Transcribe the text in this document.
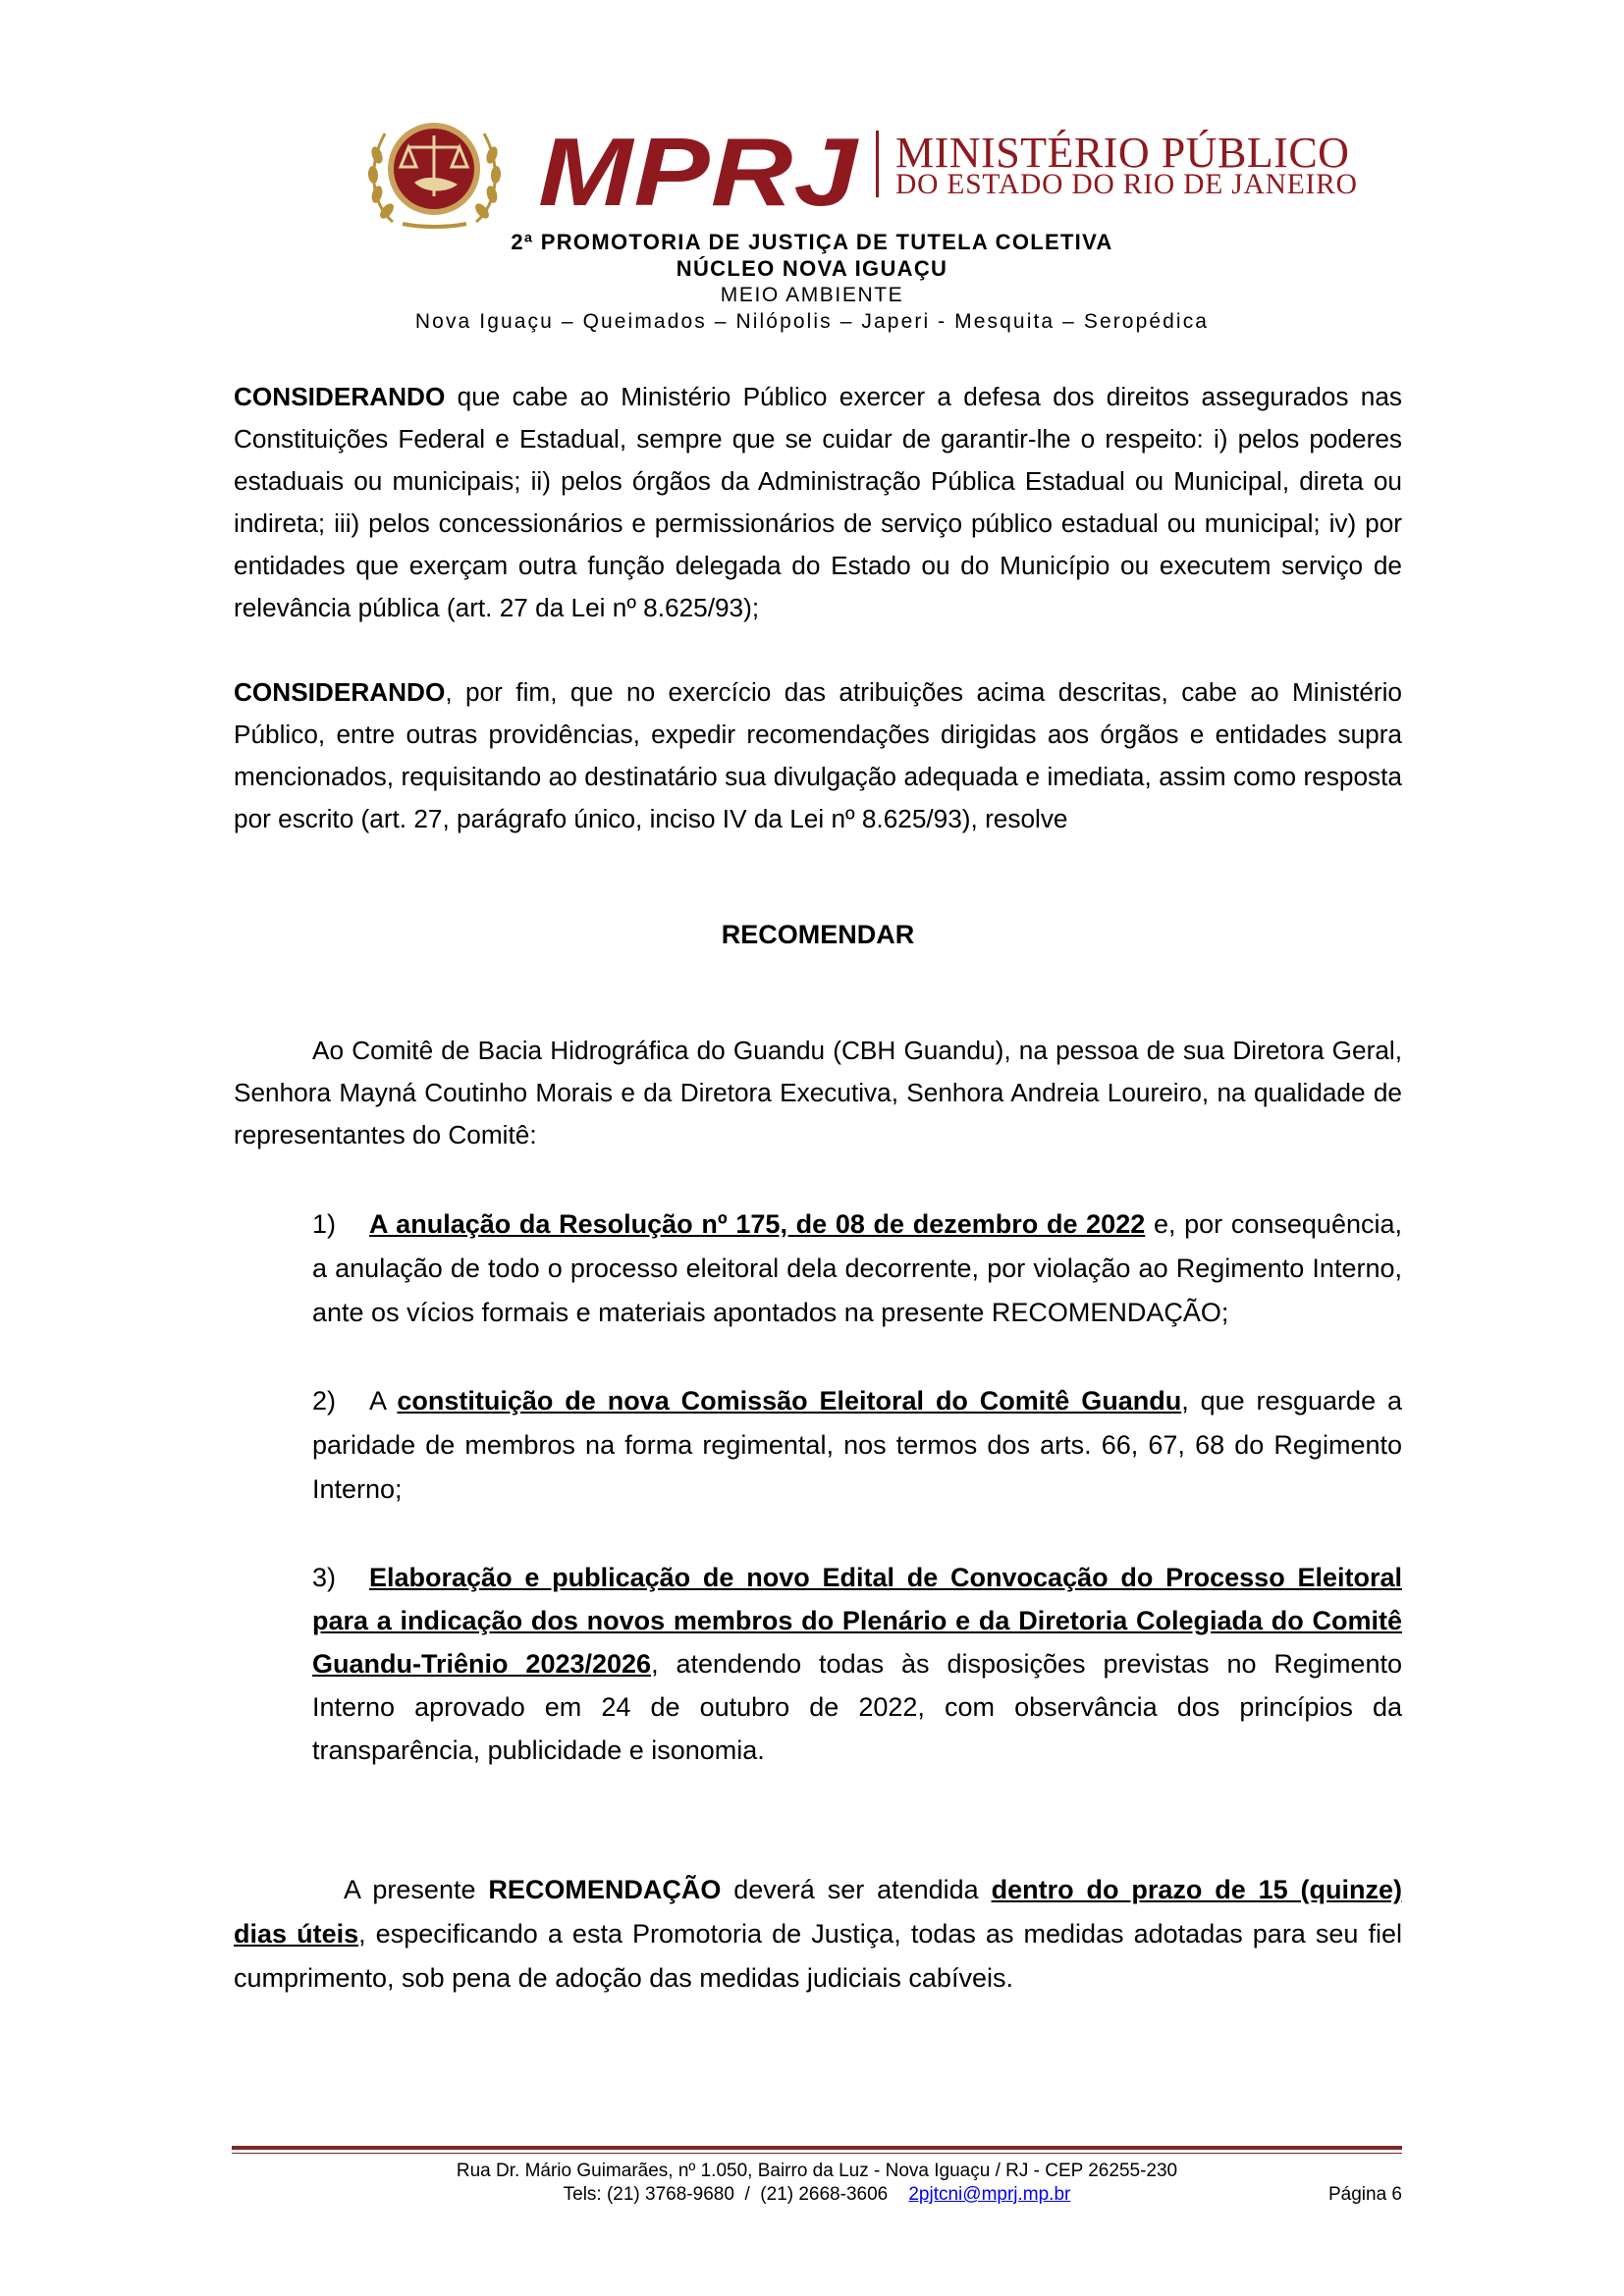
MPRJ MINISTÉRIO PÚBLICO
DO ESTADO DO RIO DE JANEIRO
2ª PROMOTORIA DE JUSTIÇA DE TUTELA COLETIVA
NÚCLEO NOVA IGUAÇU
MEIO AMBIENTE
Nova Iguaçu – Queimados – Nilópolis – Japeri - Mesquita – Seropédica

CONSIDERANDO que cabe ao Ministério Público exercer a defesa dos direitos assegurados nas Constituições Federal e Estadual, sempre que se cuidar de garantir-lhe o respeito: i) pelos poderes estaduais ou municipais; ii) pelos órgãos da Administração Pública Estadual ou Municipal, direta ou indireta; iii) pelos concessionários e permissionários de serviço público estadual ou municipal; iv) por entidades que exerçam outra função delegada do Estado ou do Município ou executem serviço de relevância pública (art. 27 da Lei nº 8.625/93);

CONSIDERANDO, por fim, que no exercício das atribuições acima descritas, cabe ao Ministério Público, entre outras providências, expedir recomendações dirigidas aos órgãos e entidades supra mencionados, requisitando ao destinatário sua divulgação adequada e imediata, assim como resposta por escrito (art. 27, parágrafo único, inciso IV da Lei nº 8.625/93), resolve

RECOMENDAR

Ao Comitê de Bacia Hidrográfica do Guandu (CBH Guandu), na pessoa de sua Diretora Geral, Senhora Mayná Coutinho Morais e da Diretora Executiva, Senhora Andreia Loureiro, na qualidade de representantes do Comitê:

1) A anulação da Resolução nº 175, de 08 de dezembro de 2022 e, por consequência, a anulação de todo o processo eleitoral dela decorrente, por violação ao Regimento Interno, ante os vícios formais e materiais apontados na presente RECOMENDAÇÃO;

2) A constituição de nova Comissão Eleitoral do Comitê Guandu, que resguarde a paridade de membros na forma regimental, nos termos dos arts. 66, 67, 68 do Regimento Interno;

3) Elaboração e publicação de novo Edital de Convocação do Processo Eleitoral para a indicação dos novos membros do Plenário e da Diretoria Colegiada do Comitê Guandu-Triênio 2023/2026, atendendo todas às disposições previstas no Regimento Interno aprovado em 24 de outubro de 2022, com observância dos princípios da transparência, publicidade e isonomia.

A presente RECOMENDAÇÃO deverá ser atendida dentro do prazo de 15 (quinze) dias úteis, especificando a esta Promotoria de Justiça, todas as medidas adotadas para seu fiel cumprimento, sob pena de adoção das medidas judiciais cabíveis.

Rua Dr. Mário Guimarães, nº 1.050, Bairro da Luz - Nova Iguaçu / RJ - CEP 26255-230
Tels: (21) 3768-9680  /  (21) 2668-3606 2pjtcni@mprj.mp.br	Página 6
